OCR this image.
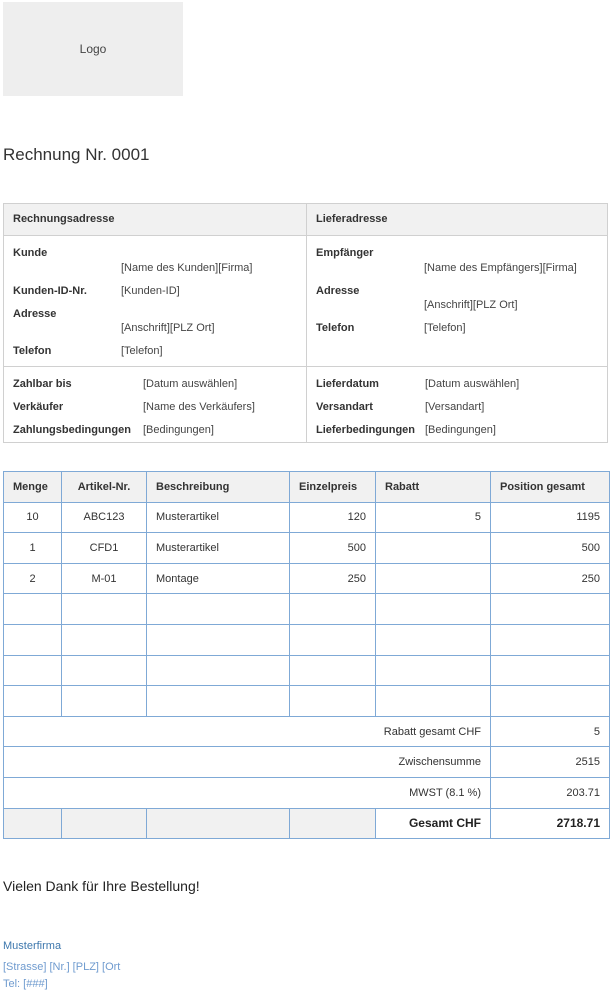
Logo
Rechnung Nr. 0001
Rechnungsadresse	Lieferadresse
Kunde
[Name des Kunden][Firma]
Kunden-ID-Nr.	[Kunden-ID]
Adresse
[Anschrift][PLZ Ort]
Telefon	[Telefon]
Zahlbar bis	[Datum auswählen]
Verkäufer	[Name des Verkäufers]
Zahlungsbedingungen [Bedingungen]
Empfänger
[Name des Empfängers][Firma]
Adresse
[Anschrift][PLZ Ort]
Telefon	[Telefon]
Lieferdatum	[Datum auswählen]
Versandart	[Versandart]
Lieferbedingungen [Bedingungen]
Menge	Artikel-Nr.	Beschreibung	Einzelpreis	Rabatt	Position gesamt
10	ABC123	Musterartikel	120	5	1195
1	CFD1	Musterartikel	500		500
2	M-01	Montage	250		250

Rabatt gesamt CHF					5
Zwischensumme					2515
MWST (8.1 %)					203.71
				Gesamt CHF	2718.71
Vielen Dank für Ihre Bestellung!
Musterfirma
[Strasse] [Nr.] [PLZ] [Ort
Tel: [###]
